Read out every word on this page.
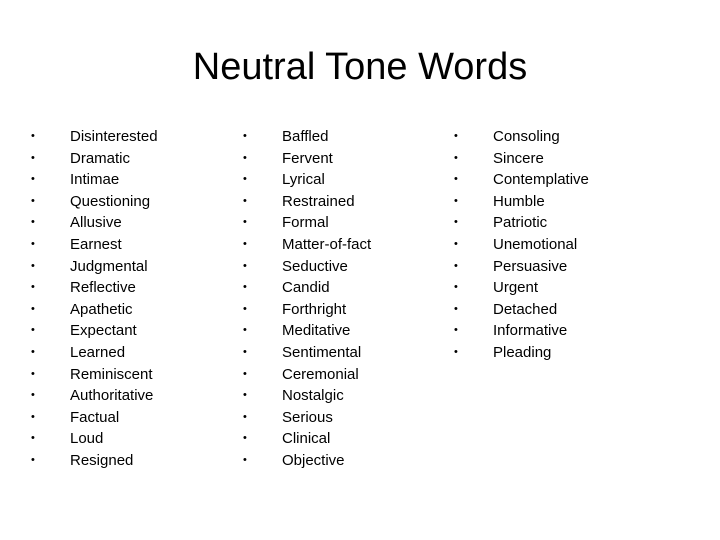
Neutral Tone Words
• Disinterested
• Dramatic
• Intimae
• Questioning
• Allusive
• Earnest
• Judgmental
• Reflective
• Apathetic
• Expectant
• Learned
• Reminiscent
• Authoritative
• Factual
• Loud
• Resigned
• Baffled
• Fervent
• Lyrical
• Restrained
• Formal
• Matter-of-fact
• Seductive
• Candid
• Forthright
• Meditative
• Sentimental
• Ceremonial
• Nostalgic
• Serious
• Clinical
• Objective
• Consoling
• Sincere
• Contemplative
• Humble
• Patriotic
• Unemotional
• Persuasive
• Urgent
• Detached
• Informative
• Pleading
